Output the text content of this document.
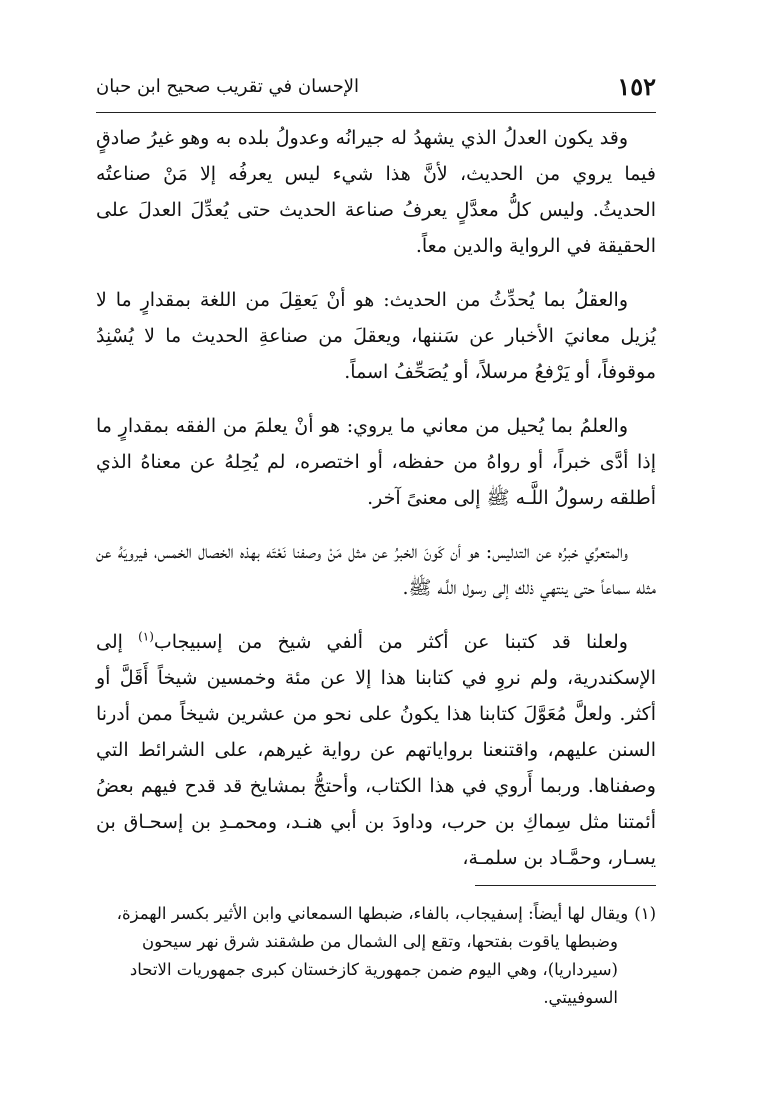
١٥٢
الإحسان في تقريب صحيح ابن حبان

وقد يكون العدلُ الذي يشهدُ له جيرانُه وعدولُ بلده به وهو غيرُ صادقٍ فيما يروي من الحديث، لأنَّ هذا شيء ليس يعرفُه إلا مَنْ صناعتُه الحديثُ. وليس كلُّ معدَّلٍ يعرفُ صناعة الحديث حتى يُعدِّلَ العدلَ على الحقيقة في الرواية والدين معاً.

والعقلُ بما يُحدِّثُ من الحديث: هو أنْ يَعقِلَ من اللغة بمقدارٍ ما لا يُزيل معانيَ الأخبار عن سَننها، ويعقلَ من صناعةِ الحديث ما لا يُسْنِدُ موقوفاً، أو يَرْفعُ مرسلاً، أو يُصَحِّفُ اسماً.

والعلمُ بما يُحيل من معاني ما يروي: هو أنْ يعلمَ من الفقه بمقدارٍ ما إذا أدَّى خبراً، أو رواهُ من حفظه، أو اختصره، لم يُحِلهُ عن معناهُ الذي أطلقه رسولُ اللَّـه ﷺ إلى معنىً آخر.

والمتعرِّي خبرُه عن التدليس: هو أن كَونَ الخبرُ عن مثل مَنْ وصفنا نَعْتَه بهذه الخصال الخمس، فيرويَهُ عن مثله سماعاً حتى ينتهي ذلك إلى رسول اللَّـه ﷺ.

ولعلنا قد كتبنا عن أكثر من ألفي شيخ من إسبيجاب$^{(١)}$ إلى الإسكندرية، ولم نروِ في كتابنا هذا إلا عن مئة وخمسين شيخاً أَقَلَّ أو أكثر. ولعلَّ مُعَوَّلَ كتابنا هذا يكونُ على نحو من عشرين شيخاً ممن أدرنا السنن عليهم، واقتنعنا برواياتهم عن رواية غيرهم، على الشرائط التي وصفناها. وربما أَروي في هذا الكتاب، وأحتجُّ بمشايخ قد قدح فيهم بعضُ أئمتنا مثل سِماكِ بن حرب، وداودَ بن أبي هنـد، ومحمـدِ بن إسحـاق بن يسـار، وحمَّـاد بن سلمـة،

(١)ويقال لها أيضاً: إسفيجاب، بالفاء، ضبطها السمعاني وابن الأثير بكسر الهمزة،
وضبطها ياقوت بفتحها، وتقع إلى الشمال من طشقند شرق نهر سيحون
(سيرداريا)، وهي اليوم ضمن جمهورية كازخستان كبرى جمهوريات الاتحاد
السوفييتي.
